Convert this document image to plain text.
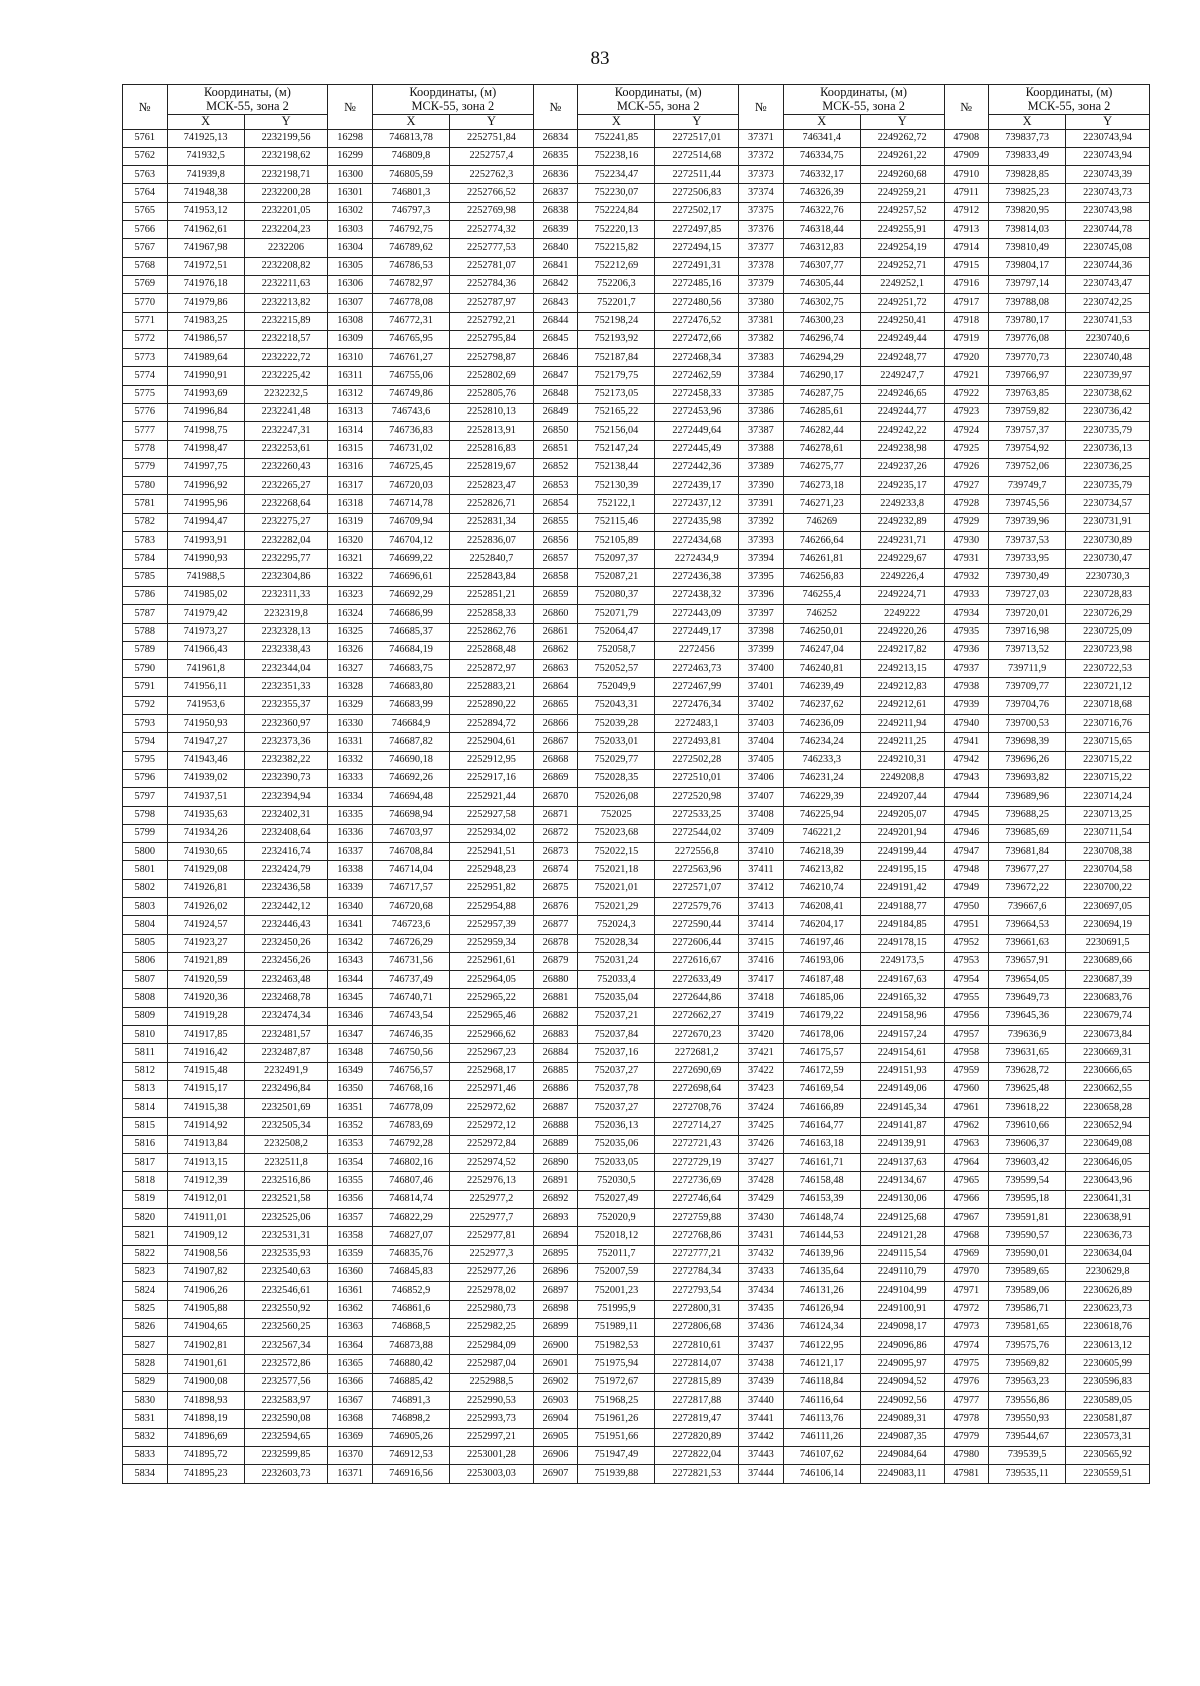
83
№	Координаты, (м)
МСК-55, зона 2		№	Координаты, (м)
МСК-55, зона 2		№	Координаты, (м)
МСК-55, зона 2		№	Координаты, (м)
МСК-55, зона 2		№	Координаты, (м)
МСК-55, зона 2	

	X	Y		X	Y		X	Y		X	Y		X	Y
5761	741925,13	2232199,56	16298	746813,78	2252751,84	26834	752241,85	2272517,01	37371	746341,4	2249262,72	47908	739837,73	2230743,94
5762	741932,5	2232198,62	16299	746809,8	2252757,4	26835	752238,16	2272514,68	37372	746334,75	2249261,22	47909	739833,49	2230743,94
5763	741939,8	2232198,71	16300	746805,59	2252762,3	26836	752234,47	2272511,44	37373	746332,17	2249260,68	47910	739828,85	2230743,39
5764	741948,38	2232200,28	16301	746801,3	2252766,52	26837	752230,07	2272506,83	37374	746326,39	2249259,21	47911	739825,23	2230743,73
5765	741953,12	2232201,05	16302	746797,3	2252769,98	26838	752224,84	2272502,17	37375	746322,76	2249257,52	47912	739820,95	2230743,98
5766	741962,61	2232204,23	16303	746792,75	2252774,32	26839	752220,13	2272497,85	37376	746318,44	2249255,91	47913	739814,03	2230744,78
5767	741967,98	2232206	16304	746789,62	2252777,53	26840	752215,82	2272494,15	37377	746312,83	2249254,19	47914	739810,49	2230745,08
5768	741972,51	2232208,82	16305	746786,53	2252781,07	26841	752212,69	2272491,31	37378	746307,77	2249252,71	47915	739804,17	2230744,36
5769	741976,18	2232211,63	16306	746782,97	2252784,36	26842	752206,3	2272485,16	37379	746305,44	2249252,1	47916	739797,14	2230743,47
5770	741979,86	2232213,82	16307	746778,08	2252787,97	26843	752201,7	2272480,56	37380	746302,75	2249251,72	47917	739788,08	2230742,25
5771	741983,25	2232215,89	16308	746772,31	2252792,21	26844	752198,24	2272476,52	37381	746300,23	2249250,41	47918	739780,17	2230741,53
5772	741986,57	2232218,57	16309	746765,95	2252795,84	26845	752193,92	2272472,66	37382	746296,74	2249249,44	47919	739776,08	2230740,6
5773	741989,64	2232222,72	16310	746761,27	2252798,87	26846	752187,84	2272468,34	37383	746294,29	2249248,77	47920	739770,73	2230740,48
5774	741990,91	2232225,42	16311	746755,06	2252802,69	26847	752179,75	2272462,59	37384	746290,17	2249247,7	47921	739766,97	2230739,97
5775	741993,69	2232232,5	16312	746749,86	2252805,76	26848	752173,05	2272458,33	37385	746287,75	2249246,65	47922	739763,85	2230738,62
5776	741996,84	2232241,48	16313	746743,6	2252810,13	26849	752165,22	2272453,96	37386	746285,61	2249244,77	47923	739759,82	2230736,42
5777	741998,75	2232247,31	16314	746736,83	2252813,91	26850	752156,04	2272449,64	37387	746282,44	2249242,22	47924	739757,37	2230735,79
5778	741998,47	2232253,61	16315	746731,02	2252816,83	26851	752147,24	2272445,49	37388	746278,61	2249238,98	47925	739754,92	2230736,13
5779	741997,75	2232260,43	16316	746725,45	2252819,67	26852	752138,44	2272442,36	37389	746275,77	2249237,26	47926	739752,06	2230736,25
5780	741996,92	2232265,27	16317	746720,03	2252823,47	26853	752130,39	2272439,17	37390	746273,18	2249235,17	47927	739749,7	2230735,79
5781	741995,96	2232268,64	16318	746714,78	2252826,71	26854	752122,1	2272437,12	37391	746271,23	2249233,8	47928	739745,56	2230734,57
5782	741994,47	2232275,27	16319	746709,94	2252831,34	26855	752115,46	2272435,98	37392	746269	2249232,89	47929	739739,96	2230731,91
5783	741993,91	2232282,04	16320	746704,12	2252836,07	26856	752105,89	2272434,68	37393	746266,64	2249231,71	47930	739737,53	2230730,89
5784	741990,93	2232295,77	16321	746699,22	2252840,7	26857	752097,37	2272434,9	37394	746261,81	2249229,67	47931	739733,95	2230730,47
5785	741988,5	2232304,86	16322	746696,61	2252843,84	26858	752087,21	2272436,38	37395	746256,83	2249226,4	47932	739730,49	2230730,3
5786	741985,02	2232311,33	16323	746692,29	2252851,21	26859	752080,37	2272438,32	37396	746255,4	2249224,71	47933	739727,03	2230728,83
5787	741979,42	2232319,8	16324	746686,99	2252858,33	26860	752071,79	2272443,09	37397	746252	2249222	47934	739720,01	2230726,29
5788	741973,27	2232328,13	16325	746685,37	2252862,76	26861	752064,47	2272449,17	37398	746250,01	2249220,26	47935	739716,98	2230725,09
5789	741966,43	2232338,43	16326	746684,19	2252868,48	26862	752058,7	2272456	37399	746247,04	2249217,82	47936	739713,52	2230723,98
5790	741961,8	2232344,04	16327	746683,75	2252872,97	26863	752052,57	2272463,73	37400	746240,81	2249213,15	47937	739711,9	2230722,53
5791	741956,11	2232351,33	16328	746683,80	2252883,21	26864	752049,9	2272467,99	37401	746239,49	2249212,83	47938	739709,77	2230721,12
5792	741953,6	2232355,37	16329	746683,99	2252890,22	26865	752043,31	2272476,34	37402	746237,62	2249212,61	47939	739704,76	2230718,68
5793	741950,93	2232360,97	16330	746684,9	2252894,72	26866	752039,28	2272483,1	37403	746236,09	2249211,94	47940	739700,53	2230716,76
5794	741947,27	2232373,36	16331	746687,82	2252904,61	26867	752033,01	2272493,81	37404	746234,24	2249211,25	47941	739698,39	2230715,65
5795	741943,46	2232382,22	16332	746690,18	2252912,95	26868	752029,77	2272502,28	37405	746233,3	2249210,31	47942	739696,26	2230715,22
5796	741939,02	2232390,73	16333	746692,26	2252917,16	26869	752028,35	2272510,01	37406	746231,24	2249208,8	47943	739693,82	2230715,22
5797	741937,51	2232394,94	16334	746694,48	2252921,44	26870	752026,08	2272520,98	37407	746229,39	2249207,44	47944	739689,96	2230714,24
5798	741935,63	2232402,31	16335	746698,94	2252927,58	26871	752025	2272533,25	37408	746225,94	2249205,07	47945	739688,25	2230713,25
5799	741934,26	2232408,64	16336	746703,97	2252934,02	26872	752023,68	2272544,02	37409	746221,2	2249201,94	47946	739685,69	2230711,54
5800	741930,65	2232416,74	16337	746708,84	2252941,51	26873	752022,15	2272556,8	37410	746218,39	2249199,44	47947	739681,84	2230708,38
5801	741929,08	2232424,79	16338	746714,04	2252948,23	26874	752021,18	2272563,96	37411	746213,82	2249195,15	47948	739677,27	2230704,58
5802	741926,81	2232436,58	16339	746717,57	2252951,82	26875	752021,01	2272571,07	37412	746210,74	2249191,42	47949	739672,22	2230700,22
5803	741926,02	2232442,12	16340	746720,68	2252954,88	26876	752021,29	2272579,76	37413	746208,41	2249188,77	47950	739667,6	2230697,05
5804	741924,57	2232446,43	16341	746723,6	2252957,39	26877	752024,3	2272590,44	37414	746204,17	2249184,85	47951	739664,53	2230694,19
5805	741923,27	2232450,26	16342	746726,29	2252959,34	26878	752028,34	2272606,44	37415	746197,46	2249178,15	47952	739661,63	2230691,5
5806	741921,89	2232456,26	16343	746731,56	2252961,61	26879	752031,24	2272616,67	37416	746193,06	2249173,5	47953	739657,91	2230689,66
5807	741920,59	2232463,48	16344	746737,49	2252964,05	26880	752033,4	2272633,49	37417	746187,48	2249167,63	47954	739654,05	2230687,39
5808	741920,36	2232468,78	16345	746740,71	2252965,22	26881	752035,04	2272644,86	37418	746185,06	2249165,32	47955	739649,73	2230683,76
5809	741919,28	2232474,34	16346	746743,54	2252965,46	26882	752037,21	2272662,27	37419	746179,22	2249158,96	47956	739645,36	2230679,74
5810	741917,85	2232481,57	16347	746746,35	2252966,62	26883	752037,84	2272670,23	37420	746178,06	2249157,24	47957	739636,9	2230673,84
5811	741916,42	2232487,87	16348	746750,56	2252967,23	26884	752037,16	2272681,2	37421	746175,57	2249154,61	47958	739631,65	2230669,31
5812	741915,48	2232491,9	16349	746756,57	2252968,17	26885	752037,27	2272690,69	37422	746172,59	2249151,93	47959	739628,72	2230666,65
5813	741915,17	2232496,84	16350	746768,16	2252971,46	26886	752037,78	2272698,64	37423	746169,54	2249149,06	47960	739625,48	2230662,55
5814	741915,38	2232501,69	16351	746778,09	2252972,62	26887	752037,27	2272708,76	37424	746166,89	2249145,34	47961	739618,22	2230658,28
5815	741914,92	2232505,34	16352	746783,69	2252972,12	26888	752036,13	2272714,27	37425	746164,77	2249141,87	47962	739610,66	2230652,94
5816	741913,84	2232508,2	16353	746792,28	2252972,84	26889	752035,06	2272721,43	37426	746163,18	2249139,91	47963	739606,37	2230649,08
5817	741913,15	2232511,8	16354	746802,16	2252974,52	26890	752033,05	2272729,19	37427	746161,71	2249137,63	47964	739603,42	2230646,05
5818	741912,39	2232516,86	16355	746807,46	2252976,13	26891	752030,5	2272736,69	37428	746158,48	2249134,67	47965	739599,54	2230643,96
5819	741912,01	2232521,58	16356	746814,74	2252977,2	26892	752027,49	2272746,64	37429	746153,39	2249130,06	47966	739595,18	2230641,31
5820	741911,01	2232525,06	16357	746822,29	2252977,7	26893	752020,9	2272759,88	37430	746148,74	2249125,68	47967	739591,81	2230638,91
5821	741909,12	2232531,31	16358	746827,07	2252977,81	26894	752018,12	2272768,86	37431	746144,53	2249121,28	47968	739590,57	2230636,73
5822	741908,56	2232535,93	16359	746835,76	2252977,3	26895	752011,7	2272777,21	37432	746139,96	2249115,54	47969	739590,01	2230634,04
5823	741907,82	2232540,63	16360	746845,83	2252977,26	26896	752007,59	2272784,34	37433	746135,64	2249110,79	47970	739589,65	2230629,8
5824	741906,26	2232546,61	16361	746852,9	2252978,02	26897	752001,23	2272793,54	37434	746131,26	2249104,99	47971	739589,06	2230626,89
5825	741905,88	2232550,92	16362	746861,6	2252980,73	26898	751995,9	2272800,31	37435	746126,94	2249100,91	47972	739586,71	2230623,73
5826	741904,65	2232560,25	16363	746868,5	2252982,25	26899	751989,11	2272806,68	37436	746124,34	2249098,17	47973	739581,65	2230618,76
5827	741902,81	2232567,34	16364	746873,88	2252984,09	26900	751982,53	2272810,61	37437	746122,95	2249096,86	47974	739575,76	2230613,12
5828	741901,61	2232572,86	16365	746880,42	2252987,04	26901	751975,94	2272814,07	37438	746121,17	2249095,97	47975	739569,82	2230605,99
5829	741900,08	2232577,56	16366	746885,42	2252988,5	26902	751972,67	2272815,89	37439	746118,84	2249094,52	47976	739563,23	2230596,83
5830	741898,93	2232583,97	16367	746891,3	2252990,53	26903	751968,25	2272817,88	37440	746116,64	2249092,56	47977	739556,86	2230589,05
5831	741898,19	2232590,08	16368	746898,2	2252993,73	26904	751961,26	2272819,47	37441	746113,76	2249089,31	47978	739550,93	2230581,87
5832	741896,69	2232594,65	16369	746905,26	2252997,21	26905	751951,66	2272820,89	37442	746111,26	2249087,35	47979	739544,67	2230573,31
5833	741895,72	2232599,85	16370	746912,53	2253001,28	26906	751947,49	2272822,04	37443	746107,62	2249084,64	47980	739539,5	2230565,92
5834	741895,23	2232603,73	16371	746916,56	2253003,03	26907	751939,88	2272821,53	37444	746106,14	2249083,11	47981	739535,11	2230559,51
